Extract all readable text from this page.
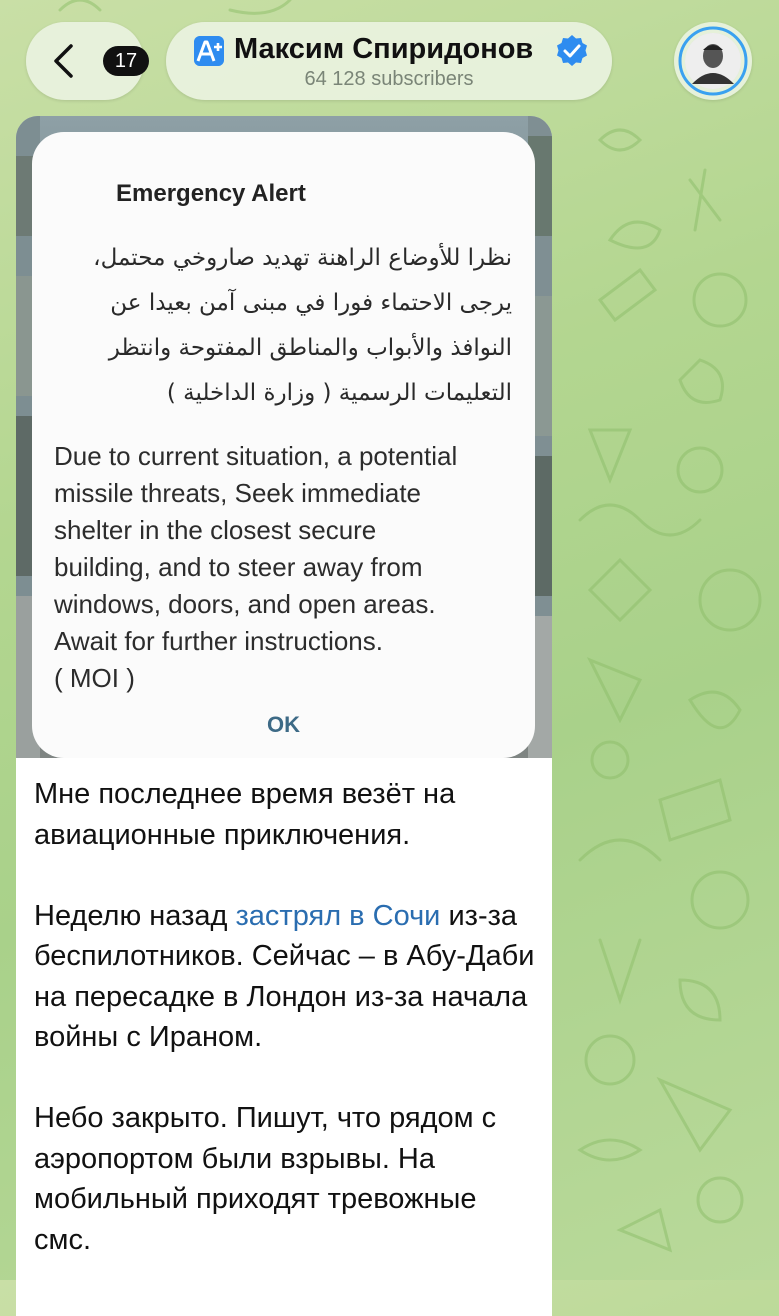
17	Максим Спиридонов
64 128 subscribers
Emergency Alert
نظرا للأوضاع الراهنة تهديد صاروخي محتمل،
يرجى الاحتماء فورا في مبنى آمن بعيدا عن
النوافذ والأبواب والمناطق المفتوحة وانتظر
التعليمات الرسمية ( وزارة الداخلية )
Due to current situation, a potential
missile threats, Seek immediate
shelter in the closest secure
building, and to steer away from
windows, doors, and open areas.
Await for further instructions.
( MOI )
OK

Мне последнее время везёт на авиационные приключения.

Неделю назад застрял в Сочи из-за беспилотников. Сейчас – в Абу-Даби на пересадке в Лондон из-за начала войны с Ираном.

Небо закрыто. Пишут, что рядом с аэропортом были взрывы. На мобильный приходят тревожные смс.
